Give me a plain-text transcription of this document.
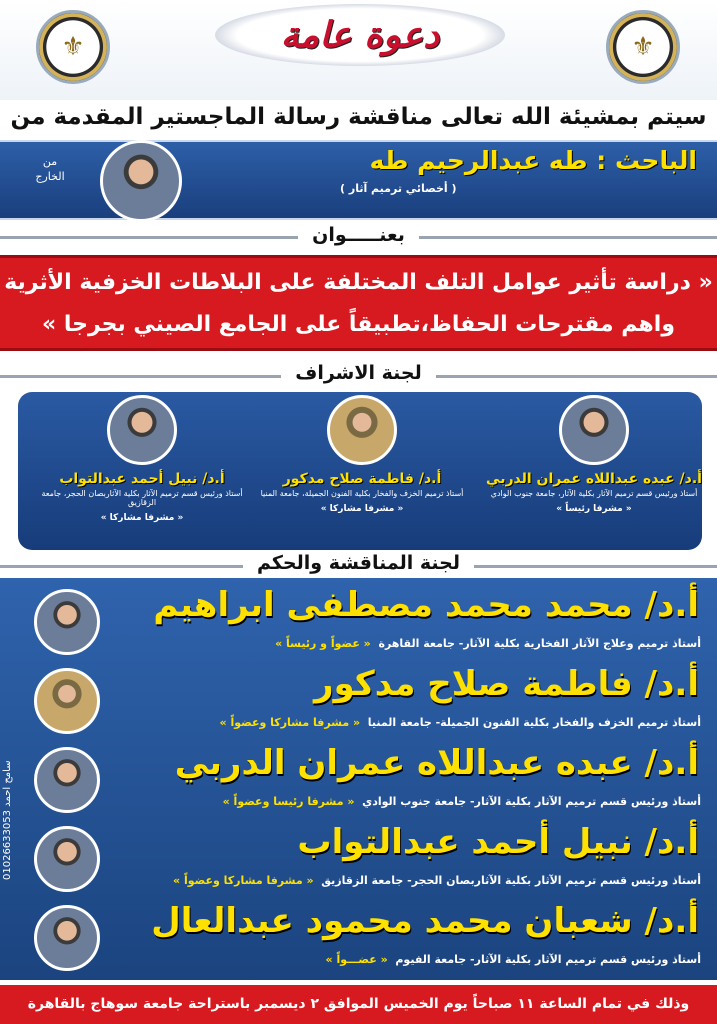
⚜	⚜
دعوة عامة
سيتم بمشيئة الله تعالى مناقشة رسالة الماجستير المقدمة من
الباحث : طه عبدالرحيم طه
( أخصائي ترميم آثار )
من الخارج
بعنـــــوان
« دراسة تأثير عوامل التلف المختلفة على البلاطات الخزفية الأثرية
واهم مقترحات الحفاظ،تطبيقاً على الجامع الصيني بجرجا »
لجنة الاشراف
أ.د/ عبده عبداللاه عمران الدربي
أستاذ ورئيس قسم ترميم الآثار بكلية الآثار، جامعة جنوب الوادي
« مشرفا رئيساً »
أ.د/ فاطمة صلاح مدكور
أستاذ ترميم الخزف والفخار بكلية الفنون الجميلة، جامعة المنيا
« مشرفا مشاركا »
أ.د/ نبيل أحمد عبدالتواب
أستاذ ورئيس قسم ترميم الآثار بكلية الآثاربصان الحجر، جامعة الزقازيق
« مشرفا مشاركا »
لجنة المناقشة والحكم
أ.د/ محمد محمد مصطفى ابراهيم
أستاذ ترميم وعلاج الآثار الفخارية بكلية الآثار- جامعة القاهرة  « عضواً و رئيساً »
أ.د/ فاطمة صلاح مدكور
أستاذ ترميم الخزف والفخار بكلية الفنون الجميلة- جامعة المنيا  « مشرفا مشاركا وعضواً »
أ.د/ عبده عبداللاه عمران الدربي
أستاذ ورئيس قسم ترميم الآثار بكلية الآثار- جامعة جنوب الوادي  « مشرفا رئيسا وعضواً »
أ.د/ نبيل أحمد عبدالتواب
أستاذ ورئيس قسم ترميم الآثار بكلية الآثاربصان الحجر- جامعة الزقازيق  « مشرفا مشاركا وعضواً »
أ.د/ شعبان محمد محمود عبدالعال
أستاذ ورئيس قسم ترميم الآثار بكلية الآثار- جامعة الفيوم  « عضـــواً »
سامح احمد 01026633053
وذلك في تمام الساعة ١١ صباحاً يوم الخميس الموافق ٢ ديسمبر باستراحة جامعة سوهاج بالقاهرة
